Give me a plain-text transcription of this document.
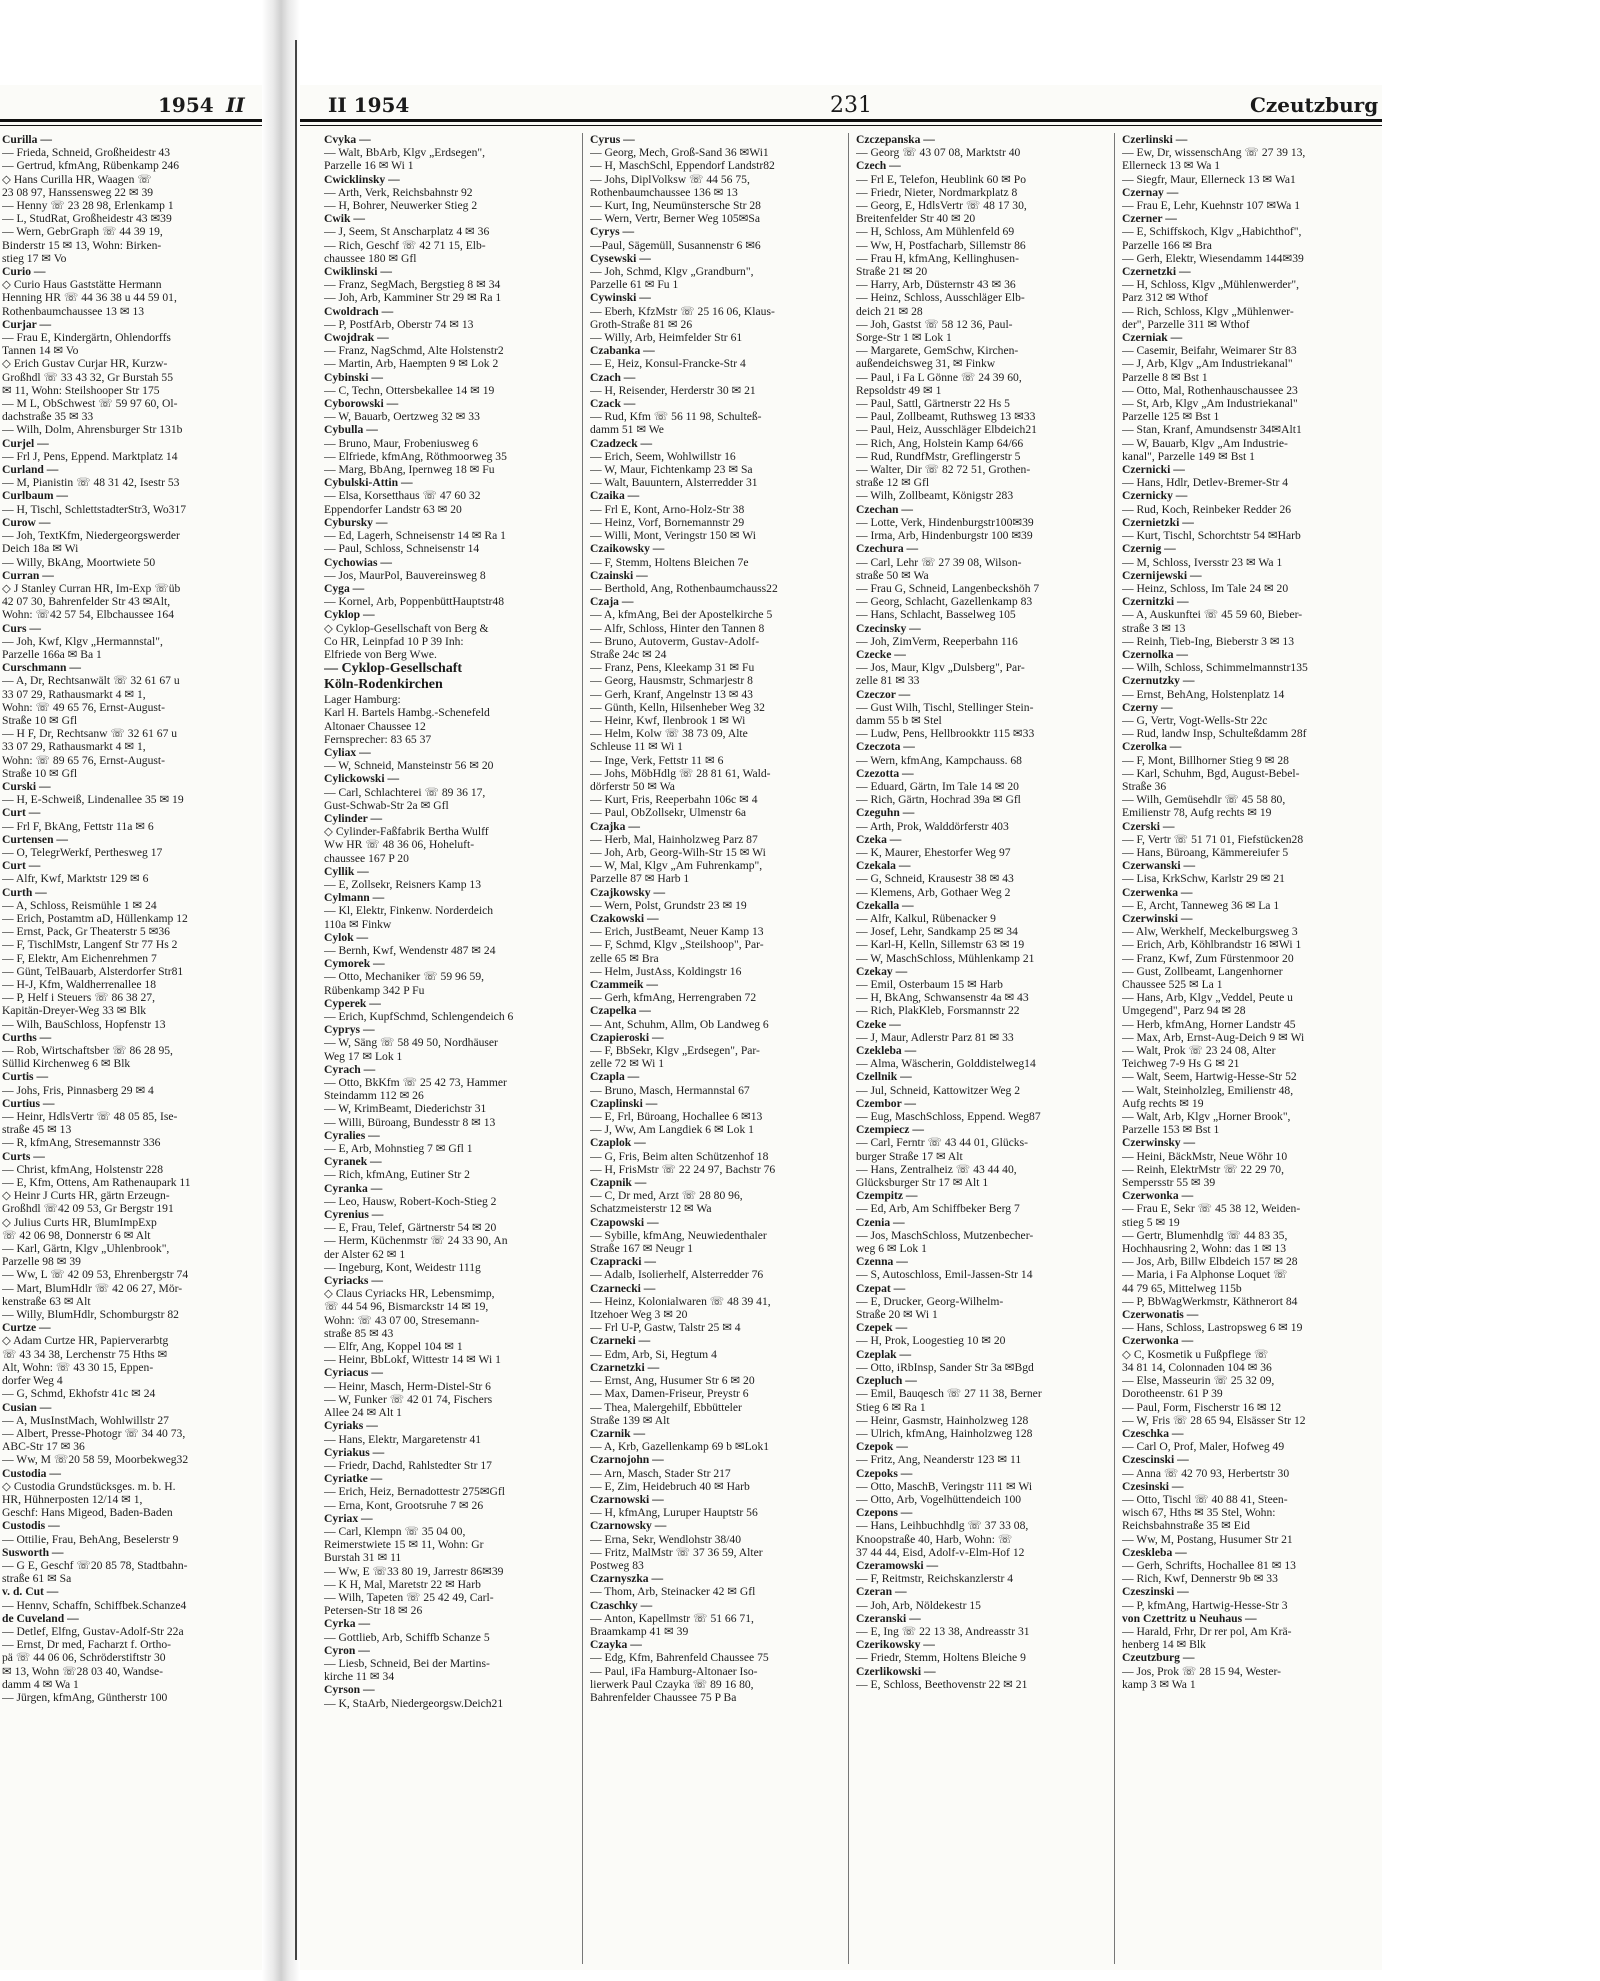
1954 II
Curilla —
— Frieda, Schneid, Großheidestr 43
— Gertrud, kfmAng, Rübenkamp 246
◇ Hans Curilla HR, Waagen ☏
23 08 97, Hanssensweg 22 ✉ 39
— Henny ☏ 23 28 98, Erlenkamp 1
— L, StudRat, Großheidestr 43 ✉39
— Wern, GebrGraph ☏ 44 39 19,
Binderstr 15 ✉ 13, Wohn: Birken-
stieg 17 ✉ Vo
Curio —
◇ Curio Haus Gaststätte Hermann
Henning HR ☏ 44 36 38 u 44 59 01,
Rothenbaumchaussee 13 ✉ 13
Curjar —
— Frau E, Kindergärtn, Ohlendorffs
Tannen 14 ✉ Vo
◇ Erich Gustav Curjar HR, Kurzw-
Großhdl ☏ 33 43 32, Gr Burstah 55
✉ 11, Wohn: Steilshooper Str 175
— M L, ObSchwest ☏ 59 97 60, Ol-
dachstraße 35 ✉ 33
— Wilh, Dolm, Ahrensburger Str 131b
Curjel —
— Frl J, Pens, Eppend. Marktplatz 14
Curland —
— M, Pianistin ☏ 48 31 42, Isestr 53
Curlbaum —
— H, Tischl, SchlettstadterStr3, Wo317
Curow —
— Joh, TextKfm, Niedergeorgswerder
Deich 18a ✉ Wi
— Willy, BkAng, Moortwiete 50
Curran —
◇ J Stanley Curran HR, Im-Exp ☏üb
42 07 30, Bahrenfelder Str 43 ✉Alt,
Wohn: ☏42 57 54, Elbchaussee 164
Curs —
— Joh, Kwf, Klgv „Hermannstal",
Parzelle 166a ✉ Ba 1
Curschmann —
— A, Dr, Rechtsanwält ☏ 32 61 67 u
33 07 29, Rathausmarkt 4 ✉ 1,
Wohn: ☏ 49 65 76, Ernst-August-
Straße 10 ✉ Gfl
— H F, Dr, Rechtsanw ☏ 32 61 67 u
33 07 29, Rathausmarkt 4 ✉ 1,
Wohn: ☏ 89 65 76, Ernst-August-
Straße 10 ✉ Gfl
Curski —
— H, E-Schweiß, Lindenallee 35 ✉ 19
Curt —
— Frl F, BkAng, Fettstr 11a ✉ 6
Curtensen —
— O, TelegrWerkf, Perthesweg 17
Curt —
— Alfr, Kwf, Marktstr 129 ✉ 6
Curth —
— A, Schloss, Reismühle 1 ✉ 24
— Erich, Postamtm aD, Hüllenkamp 12
— Ernst, Pack, Gr Theaterstr 5 ✉36
— F, TischlMstr, Langenf Str 77 Hs 2
— F, Elektr, Am Eichenrehmen 7
— Günt, TelBauarb, Alsterdorfer Str81
— H-J, Kfm, Waldherrenallee 18
— P, Helf i Steuers ☏ 86 38 27,
Kapitän-Dreyer-Weg 33 ✉ Blk
— Wilh, BauSchloss, Hopfenstr 13
Curths —
— Rob, Wirtschaftsber ☏ 86 28 95,
Süllid Kirchenweg 6 ✉ Blk
Curtis —
— Johs, Fris, Pinnasberg 29 ✉ 4
Curtius —
— Heinr, HdlsVertr ☏ 48 05 85, Ise-
straße 45 ✉ 13
— R, kfmAng, Stresemannstr 336
Curts —
— Christ, kfmAng, Holstenstr 228
— E, Kfm, Ottens, Am Rathenaupark 11
◇ Heinr J Curts HR, gärtn Erzeugn-
Großhdl ☏42 09 53, Gr Bergstr 191
◇ Julius Curts HR, BlumImpExp
☏ 42 06 98, Donnerstr 6 ✉ Alt
— Karl, Gärtn, Klgv „Uhlenbrook",
Parzelle 98 ✉ 39
— Ww, L ☏ 42 09 53, Ehrenbergstr 74
— Mart, BlumHdlr ☏ 42 06 27, Mör-
kenstraße 63 ✉ Alt
— Willy, BlumHdlr, Schomburgstr 82
Curtze —
◇ Adam Curtze HR, Papierverarbtg
☏ 43 34 38, Lerchenstr 75 Hths ✉
Alt, Wohn: ☏ 43 30 15, Eppen-
dorfer Weg 4
— G, Schmd, Ekhofstr 41c ✉ 24
Cusian —
— A, MusInstMach, Wohlwillstr 27
— Albert, Presse-Photogr ☏ 34 40 73,
ABC-Str 17 ✉ 36
— Ww, M ☏20 58 59, Moorbekweg32
Custodia —
◇ Custodia Grundstücksges. m. b. H.
HR, Hühnerposten 12/14 ✉ 1,
Geschf: Hans Migeod, Baden-Baden
Custodis —
— Ottilie, Frau, BehAng, Beselerstr 9
Susworth —
— G E, Geschf ☏20 85 78, Stadtbahn-
straße 61 ✉ Sa
v. d. Cut —
— Hennv, Schaffn, Schiffbek.Schanze4
de Cuveland —
— Detlef, Elfng, Gustav-Adolf-Str 22a
— Ernst, Dr med, Facharzt f. Ortho-
pä ☏ 44 06 06, Schröderstiftstr 30
✉ 13, Wohn ☏28 03 40, Wandse-
damm 4 ✉ Wa 1
— Jürgen, kfmAng, Güntherstr 100
II 1954	231	Czeutzburg
Cvyka —
— Walt, BbArb, Klgv „Erdsegen",
Parzelle 16 ✉ Wi 1
Cwicklinsky —
— Arth, Verk, Reichsbahnstr 92
— H, Bohrer, Neuwerker Stieg 2
Cwik —
— J, Seem, St Anscharplatz 4 ✉ 36
— Rich, Geschf ☏ 42 71 15, Elb-
chaussee 180 ✉ Gfl
Cwiklinski —
— Franz, SegMach, Bergstieg 8 ✉ 34
— Joh, Arb, Kamminer Str 29 ✉ Ra 1
Cwoldrach —
— P, PostfArb, Oberstr 74 ✉ 13
Cwojdrak —
— Franz, NagSchmd, Alte Holstenstr2
— Martin, Arb, Haempten 9 ✉ Lok 2
Cybinski —
— C, Techn, Ottersbekallee 14 ✉ 19
Cyborowski —
— W, Bauarb, Oertzweg 32 ✉ 33
Cybulla —
— Bruno, Maur, Frobeniusweg 6
— Elfriede, kfmAng, Röthmoorweg 35
— Marg, BbAng, Ipernweg 18 ✉ Fu
Cybulski-Attin —
— Elsa, Korsetthaus ☏ 47 60 32
Eppendorfer Landstr 63 ✉ 20
Cybursky —
— Ed, Lagerh, Schneisenstr 14 ✉ Ra 1
— Paul, Schloss, Schneisenstr 14
Cychowias —
— Jos, MaurPol, Bauvereinsweg 8
Cyga —
— Kornel, Arb, PoppenbüttHauptstr48
Cyklop —
◇ Cyklop-Gesellschaft von Berg &
Co HR, Leinpfad 10 P 39 Inh:
Elfriede von Berg Wwe.
— Cyklop-Gesellschaft
Köln-Rodenkirchen
Lager Hamburg:
Karl H. Bartels Hambg.-Schenefeld
Altonaer Chaussee 12
Fernsprecher: 83 65 37
Cyliax —
— W, Schneid, Mansteinstr 56 ✉ 20
Cylickowski —
— Carl, Schlachterei ☏ 89 36 17,
Gust-Schwab-Str 2a ✉ Gfl
Cylinder —
◇ Cylinder-Faßfabrik Bertha Wulff
Ww HR ☏ 48 36 06, Hoheluft-
chaussee 167 P 20
Cyllik —
— E, Zollsekr, Reisners Kamp 13
Cylmann —
— Kl, Elektr, Finkenw. Norderdeich
110a ✉ Finkw
Cylok —
— Bernh, Kwf, Wendenstr 487 ✉ 24
Cymorek —
— Otto, Mechaniker ☏ 59 96 59,
Rübenkamp 342 P Fu
Cyperek —
— Erich, KupfSchmd, Schlengendeich 6
Cyprys —
— W, Säng ☏ 58 49 50, Nordhäuser
Weg 17 ✉ Lok 1
Cyrach —
— Otto, BkKfm ☏ 25 42 73, Hammer
Steindamm 112 ✉ 26
— W, KrimBeamt, Diederichstr 31
— Willi, Büroang, Bundesstr 8 ✉ 13
Cyralies —
— E, Arb, Mohnstieg 7 ✉ Gfl 1
Cyranek —
— Rich, kfmAng, Eutiner Str 2
Cyranka —
— Leo, Hausw, Robert-Koch-Stieg 2
Cyrenius —
— E, Frau, Telef, Gärtnerstr 54 ✉ 20
— Herm, Küchenmstr ☏ 24 33 90, An
der Alster 62 ✉ 1
— Ingeburg, Kont, Weidestr 111g
Cyriacks —
◇ Claus Cyriacks HR, Lebensmimp,
☏ 44 54 96, Bismarckstr 14 ✉ 19,
Wohn: ☏ 43 07 00, Stresemann-
straße 85 ✉ 43
— Elfr, Ang, Koppel 104 ✉ 1
— Heinr, BbLokf, Wittestr 14 ✉ Wi 1
Cyriacus —
— Heinr, Masch, Herm-Distel-Str 6
— W, Funker ☏ 42 01 74, Fischers
Allee 24 ✉ Alt 1
Cyriaks —
— Hans, Elektr, Margaretenstr 41
Cyriakus —
— Friedr, Dachd, Rahlstedter Str 17
Cyriatke —
— Erich, Heiz, Bernadottestr 275✉Gfl
— Erna, Kont, Grootsruhe 7 ✉ 26
Cyriax —
— Carl, Klempn ☏ 35 04 00,
Reimerstwiete 15 ✉ 11, Wohn: Gr
Burstah 31 ✉ 11
— Ww, E ☏33 80 19, Jarrestr 86✉39
— K H, Mal, Maretstr 22 ✉ Harb
— Wilh, Tapeten ☏ 25 42 49, Carl-
Petersen-Str 18 ✉ 26
Cyrka —
— Gottlieb, Arb, Schiffb Schanze 5
Cyron —
— Liesb, Schneid, Bei der Martins-
kirche 11 ✉ 34
Cyrson —
— K, StaArb, Niedergeorgsw.Deich21
Cyrus —
— Georg, Mech, Groß-Sand 36 ✉Wi1
— H, MaschSchl, Eppendorf Landstr82
— Johs, DiplVolksw ☏ 44 56 75,
Rothenbaumchaussee 136 ✉ 13
— Kurt, Ing, Neumünstersche Str 28
— Wern, Vertr, Berner Weg 105✉Sa
Cyrys —
—Paul, Sägemüll, Susannenstr 6 ✉6
Cysewski —
— Joh, Schmd, Klgv „Grandburn",
Parzelle 61 ✉ Fu 1
Cywinski —
— Eberh, KfzMstr ☏ 25 16 06, Klaus-
Groth-Straße 81 ✉ 26
— Willy, Arb, Heimfelder Str 61
Czabanka —
— E, Heiz, Konsul-Francke-Str 4
Czach —
— H, Reisender, Herderstr 30 ✉ 21
Czack —
— Rud, Kfm ☏ 56 11 98, Schulteß-
damm 51 ✉ We
Czadzeck —
— Erich, Seem, Wohlwillstr 16
— W, Maur, Fichtenkamp 23 ✉ Sa
— Walt, Bauuntern, Alsterredder 31
Czaika —
— Frl E, Kont, Arno-Holz-Str 38
— Heinz, Vorf, Bornemannstr 29
— Willi, Mont, Veringstr 150 ✉ Wi
Czaikowsky —
— F, Stemm, Holtens Bleichen 7e
Czainski —
— Berthold, Ang, Rothenbaumchauss22
Czaja —
— A, kfmAng, Bei der Apostelkirche 5
— Alfr, Schloss, Hinter den Tannen 8
— Bruno, Autoverm, Gustav-Adolf-
Straße 24c ✉ 24
— Franz, Pens, Kleekamp 31 ✉ Fu
— Georg, Hausmstr, Schmarjestr 8
— Gerh, Kranf, Angelnstr 13 ✉ 43
— Günth, Kelln, Hilsenheber Weg 32
— Heinr, Kwf, Ilenbrook 1 ✉ Wi
— Helm, Kolw ☏ 38 73 09, Alte
Schleuse 11 ✉ Wi 1
— Inge, Verk, Fettstr 11 ✉ 6
— Johs, MöbHdlg ☏ 28 81 61, Wald-
dörferstr 50 ✉ Wa
— Kurt, Fris, Reeperbahn 106c ✉ 4
— Paul, ObZollsekr, Ulmenstr 6a
Czajka —
— Herb, Mal, Hainholzweg Parz 87
— Joh, Arb, Georg-Wilh-Str 15 ✉ Wi
— W, Mal, Klgv „Am Fuhrenkamp",
Parzelle 87 ✉ Harb 1
Czajkowsky —
— Wern, Polst, Grundstr 23 ✉ 19
Czakowski —
— Erich, JustBeamt, Neuer Kamp 13
— F, Schmd, Klgv „Steilshoop", Par-
zelle 65 ✉ Bra
— Helm, JustAss, Koldingstr 16
Czammeik —
— Gerh, kfmAng, Herrengraben 72
Czapelka —
— Ant, Schuhm, Allm, Ob Landweg 6
Czapieroski —
— F, BbSekr, Klgv „Erdsegen", Par-
zelle 72 ✉ Wi 1
Czapla —
— Bruno, Masch, Hermannstal 67
Czaplinski —
— E, Frl, Büroang, Hochallee 6 ✉13
— J, Ww, Am Langdiek 6 ✉ Lok 1
Czaplok —
— G, Fris, Beim alten Schützenhof 18
— H, FrisMstr ☏ 22 24 97, Bachstr 76
Czapnik —
— C, Dr med, Arzt ☏ 28 80 96,
Schatzmeisterstr 12 ✉ Wa
Czapowski —
— Sybille, kfmAng, Neuwiedenthaler
Straße 167 ✉ Neugr 1
Czapracki —
— Adalb, Isolierhelf, Alsterredder 76
Czarnecki —
— Heinz, Kolonialwaren ☏ 48 39 41,
Itzehoer Weg 3 ✉ 20
— Frl U-P, Gastw, Talstr 25 ✉ 4
Czarneki —
— Edm, Arb, Si, Hegtum 4
Czarnetzki —
— Ernst, Ang, Husumer Str 6 ✉ 20
— Max, Damen-Friseur, Preystr 6
— Thea, Malergehilf, Ebbütteler
Straße 139 ✉ Alt
Czarnik —
— A, Krb, Gazellenkamp 69 b ✉Lok1
Czarnojohn —
— Arn, Masch, Stader Str 217
— E, Zim, Heidebruch 40 ✉ Harb
Czarnowski —
— H, kfmAng, Luruper Hauptstr 56
Czarnowsky —
— Erna, Sekr, Wendlohstr 38/40
— Fritz, MalMstr ☏ 37 36 59, Alter
Postweg 83
Czarnyszka —
— Thom, Arb, Steinacker 42 ✉ Gfl
Czaschky —
— Anton, Kapellmstr ☏ 51 66 71,
Braamkamp 41 ✉ 39
Czayka —
— Edg, Kfm, Bahrenfeld Chaussee 75
— Paul, iFa Hamburg-Altonaer Iso-
lierwerk Paul Czayka ☏ 89 16 80,
Bahrenfelder Chaussee 75 P Ba
Czczepanska —
— Georg ☏ 43 07 08, Marktstr 40
Czech —
— Frl E, Telefon, Heublink 60 ✉ Po
— Friedr, Nieter, Nordmarkplatz 8
— Georg, E, HdlsVertr ☏ 48 17 30,
Breitenfelder Str 40 ✉ 20
— H, Schloss, Am Mühlenfeld 69
— Ww, H, Postfacharb, Sillemstr 86
— Frau H, kfmAng, Kellinghusen-
Straße 21 ✉ 20
— Harry, Arb, Düsternstr 43 ✉ 36
— Heinz, Schloss, Ausschläger Elb-
deich 21 ✉ 28
— Joh, Gastst ☏ 58 12 36, Paul-
Sorge-Str 1 ✉ Lok 1
— Margarete, GemSchw, Kirchen-
außendeichsweg 31, ✉ Finkw
— Paul, i Fa L Gönne ☏ 24 39 60,
Repsoldstr 49 ✉ 1
— Paul, Sattl, Gärtnerstr 22 Hs 5
— Paul, Zollbeamt, Ruthsweg 13 ✉33
— Paul, Heiz, Ausschläger Elbdeich21
— Rich, Ang, Holstein Kamp 64/66
— Rud, RundfMstr, Greflingerstr 5
— Walter, Dir ☏ 82 72 51, Grothen-
straße 12 ✉ Gfl
— Wilh, Zollbeamt, Königstr 283
Czechan —
— Lotte, Verk, Hindenburgstr100✉39
— Irma, Arb, Hindenburgstr 100 ✉39
Czechura —
— Carl, Lehr ☏ 27 39 08, Wilson-
straße 50 ✉ Wa
— Frau G, Schneid, Langenbeckshöh 7
— Georg, Schlacht, Gazellenkamp 83
— Hans, Schlacht, Basselweg 105
Czecinsky —
— Joh, ZimVerm, Reeperbahn 116
Czecke —
— Jos, Maur, Klgv „Dulsberg", Par-
zelle 81 ✉ 33
Czeczor —
— Gust Wilh, Tischl, Stellinger Stein-
damm 55 b ✉ Stel
— Ludw, Pens, Hellbrookktr 115 ✉33
Czeczota —
— Wern, kfmAng, Kampchauss. 68
Czezotta —
— Eduard, Gärtn, Im Tale 14 ✉ 20
— Rich, Gärtn, Hochrad 39a ✉ Gfl
Czeguhn —
— Arth, Prok, Walddörferstr 403
Czeka —
— K, Maurer, Ehestorfer Weg 97
Czekala —
— G, Schneid, Krausestr 38 ✉ 43
— Klemens, Arb, Gothaer Weg 2
Czekalla —
— Alfr, Kalkul, Rübenacker 9
— Josef, Lehr, Sandkamp 25 ✉ 34
— Karl-H, Kelln, Sillemstr 63 ✉ 19
— W, MaschSchloss, Mühlenkamp 21
Czekay —
— Emil, Osterbaum 15 ✉ Harb
— H, BkAng, Schwansenstr 4a ✉ 43
— Rich, PlakKleb, Forsmannstr 22
Czeke —
— J, Maur, Adlerstr Parz 81 ✉ 33
Czekleba —
— Alma, Wäscherin, Golddistelweg14
Czellnik —
— Jul, Schneid, Kattowitzer Weg 2
Czembor —
— Eug, MaschSchloss, Eppend. Weg87
Czempiecz —
— Carl, Ferntr ☏ 43 44 01, Glücks-
burger Straße 17 ✉ Alt
— Hans, Zentralheiz ☏ 43 44 40,
Glücksburger Str 17 ✉ Alt 1
Czempitz —
— Ed, Arb, Am Schiffbeker Berg 7
Czenia —
— Jos, MaschSchloss, Mutzenbecher-
weg 6 ✉ Lok 1
Czenna —
— S, Autoschloss, Emil-Jassen-Str 14
Czepat —
— E, Drucker, Georg-Wilhelm-
Straße 20 ✉ Wi 1
Czepek —
— H, Prok, Loogestieg 10 ✉ 20
Czeplak —
— Otto, iRbInsp, Sander Str 3a ✉Bgd
Czepluch —
— Emil, Bauqesch ☏ 27 11 38, Berner
Stieg 6 ✉ Ra 1
— Heinr, Gasmstr, Hainholzweg 128
— Ulrich, kfmAng, Hainholzweg 128
Czepok —
— Fritz, Ang, Neanderstr 123 ✉ 11
Czepoks —
— Otto, MaschB, Veringstr 111 ✉ Wi
— Otto, Arb, Vogelhüttendeich 100
Czepons —
— Hans, Leihbuchhdlg ☏ 37 33 08,
Knoopstraße 40, Harb, Wohn: ☏
37 44 44, Eisd, Adolf-v-Elm-Hof 12
Czeramowski —
— F, Reitmstr, Reichskanzlerstr 4
Czeran —
— Joh, Arb, Nöldekestr 15
Czeranski —
— E, Ing ☏ 22 13 38, Andreasstr 31
Czerikowsky —
— Friedr, Stemm, Holtens Bleiche 9
Czerlikowski —
— E, Schloss, Beethovenstr 22 ✉ 21
Czerlinski —
— Ew, Dr, wissenschAng ☏ 27 39 13,
Ellerneck 13 ✉ Wa 1
— Siegfr, Maur, Ellerneck 13 ✉ Wa1
Czernay —
— Frau E, Lehr, Kuehnstr 107 ✉Wa 1
Czerner —
— E, Schiffskoch, Klgv „Habichthof",
Parzelle 166 ✉ Bra
— Gerh, Elektr, Wiesendamm 144✉39
Czernetzki —
— H, Schloss, Klgv „Mühlenwerder",
Parz 312 ✉ Wthof
— Rich, Schloss, Klgv „Mühlenwer-
der", Parzelle 311 ✉ Wthof
Czerniak —
— Casemir, Beifahr, Weimarer Str 83
— J, Arb, Klgv „Am Industriekanal"
Parzelle 8 ✉ Bst 1
— Otto, Mal, Rothenhauschaussee 23
— St, Arb, Klgv „Am Industriekanal"
Parzelle 125 ✉ Bst 1
— Stan, Kranf, Amundsenstr 34✉Alt1
— W, Bauarb, Klgv „Am Industrie-
kanal", Parzelle 149 ✉ Bst 1
Czernicki —
— Hans, Hdlr, Detlev-Bremer-Str 4
Czernicky —
— Rud, Koch, Reinbeker Redder 26
Czernietzki —
— Kurt, Tischl, Schorchtstr 54 ✉Harb
Czernig —
— M, Schloss, Iversstr 23 ✉ Wa 1
Czernijewski —
— Heinz, Schloss, Im Tale 24 ✉ 20
Czernitzki —
— A, Auskunftei ☏ 45 59 60, Bieber-
straße 3 ✉ 13
— Reinh, Tieb-Ing, Bieberstr 3 ✉ 13
Czernolka —
— Wilh, Schloss, Schimmelmannstr135
Czernutzky —
— Ernst, BehAng, Holstenplatz 14
Czerny —
— G, Vertr, Vogt-Wells-Str 22c
— Rud, landw Insp, Schulteßdamm 28f
Czerolka —
— F, Mont, Billhorner Stieg 9 ✉ 28
— Karl, Schuhm, Bgd, August-Bebel-
Straße 36
— Wilh, Gemüsehdlr ☏ 45 58 80,
Emilienstr 78, Aufg rechts ✉ 19
Czerski —
— F, Vertr ☏ 51 71 01, Fiefstücken28
— Hans, Büroang, Kämmereiufer 5
Czerwanski —
— Lisa, KrkSchw, Karlstr 29 ✉ 21
Czerwenka —
— E, Archt, Tanneweg 36 ✉ La 1
Czerwinski —
— Alw, Werkhelf, Meckelburgsweg 3
— Erich, Arb, Köhlbrandstr 16 ✉Wi 1
— Franz, Kwf, Zum Fürstenmoor 20
— Gust, Zollbeamt, Langenhorner
Chaussee 525 ✉ La 1
— Hans, Arb, Klgv „Veddel, Peute u
Umgegend", Parz 94 ✉ 28
— Herb, kfmAng, Horner Landstr 45
— Max, Arb, Ernst-Aug-Deich 9 ✉ Wi
— Walt, Prok ☏ 23 24 08, Alter
Teichweg 7-9 Hs G ✉ 21
— Walt, Seem, Hartwig-Hesse-Str 52
— Walt, Steinholzleg, Emilienstr 48,
Aufg rechts ✉ 19
— Walt, Arb, Klgv „Horner Brook",
Parzelle 153 ✉ Bst 1
Czerwinsky —
— Heini, BäckMstr, Neue Wöhr 10
— Reinh, ElektrMstr ☏ 22 29 70,
Sempersstr 55 ✉ 39
Czerwonka —
— Frau E, Sekr ☏ 45 38 12, Weiden-
stieg 5 ✉ 19
— Gertr, Blumenhdlg ☏ 44 83 35,
Hochhausring 2, Wohn: das 1 ✉ 13
— Jos, Arb, Billw Elbdeich 157 ✉ 28
— Maria, i Fa Alphonse Loquet ☏
44 79 65, Mittelweg 115b
— P, BbWagWerkmstr, Käthnerort 84
Czerwonatis —
— Hans, Schloss, Lastropsweg 6 ✉ 19
Czerwonka —
◇ C, Kosmetik u Fußpflege ☏
34 81 14, Colonnaden 104 ✉ 36
— Else, Masseurin ☏ 25 32 09,
Dorotheenstr. 61 P 39
— Paul, Form, Fischerstr 16 ✉ 12
— W, Fris ☏ 28 65 94, Elsässer Str 12
Czeschka —
— Carl O, Prof, Maler, Hofweg 49
Czescinski —
— Anna ☏ 42 70 93, Herbertstr 30
Czesinski —
— Otto, Tischl ☏ 40 88 41, Steen-
wisch 67, Hths ✉ 35 Stel, Wohn:
Reichsbahnstraße 35 ✉ Eid
— Ww, M, Postang, Husumer Str 21
Czeskleba —
— Gerh, Schrifts, Hochallee 81 ✉ 13
— Rich, Kwf, Dennerstr 9b ✉ 33
Czeszinski —
— P, kfmAng, Hartwig-Hesse-Str 3
von Czettritz u Neuhaus —
— Harald, Frhr, Dr rer pol, Am Krä-
henberg 14 ✉ Blk
Czeutzburg —
— Jos, Prok ☏ 28 15 94, Wester-
kamp 3 ✉ Wa 1
